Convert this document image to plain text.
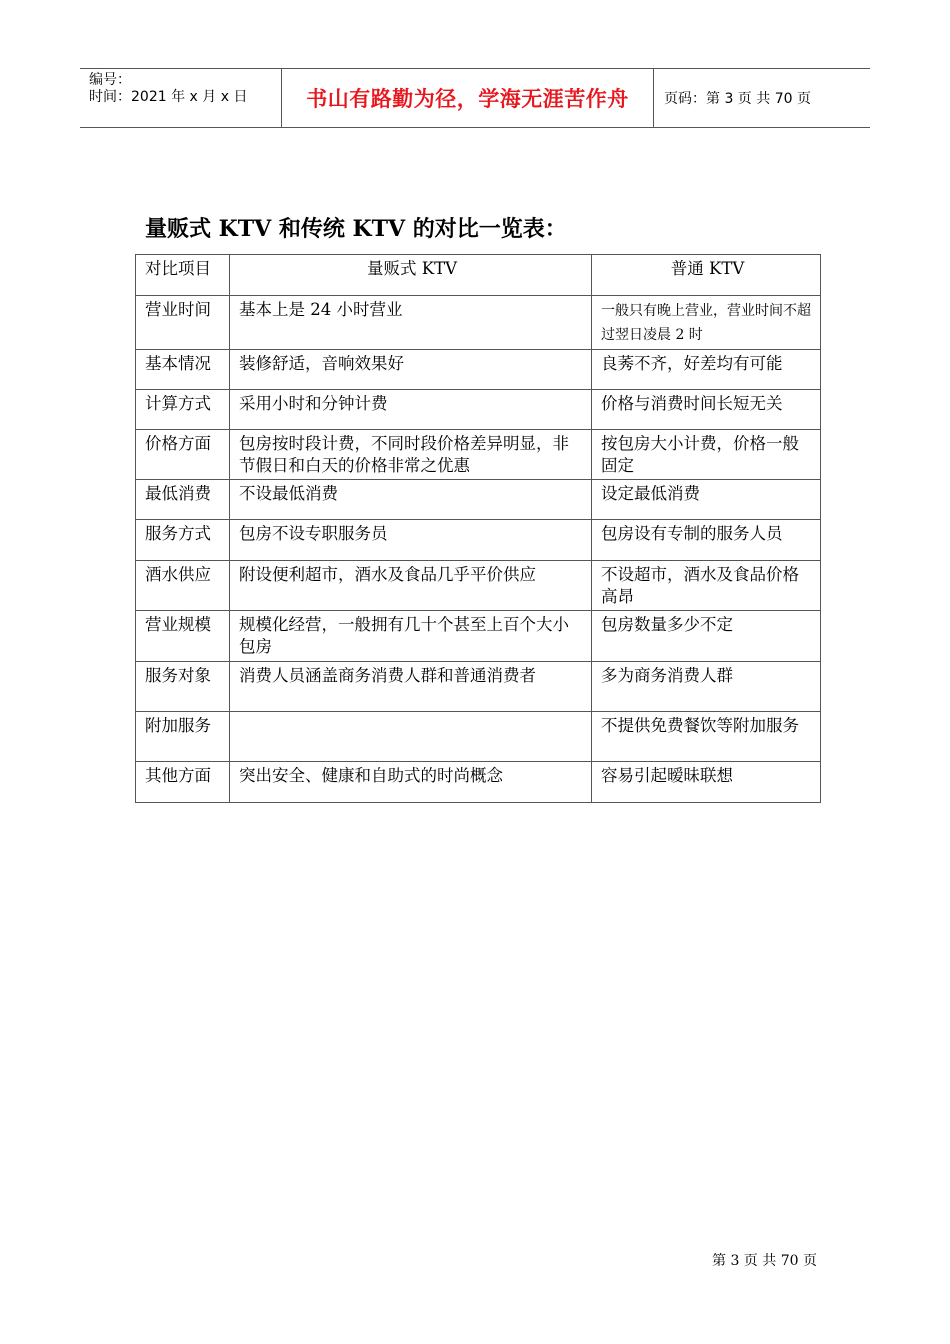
编号：
时间：2021 年 x 月 x 日	书山有路勤为径，学海无涯苦作舟	页码：第 3 页 共 70 页
量贩式 KTV 和传统 KTV 的对比一览表：
对比项目	量贩式 KTV	普通 KTV
营业时间	基本上是 24 小时营业	一般只有晚上营业，营业时间不超过翌日凌晨 2 时
基本情况	装修舒适，音响效果好	良莠不齐，好差均有可能
计算方式	采用小时和分钟计费	价格与消费时间长短无关
价格方面	包房按时段计费，不同时段价格差异明显，非节假日和白天的价格非常之优惠	按包房大小计费，价格一般固定
最低消费	不设最低消费	设定最低消费
服务方式	包房不设专职服务员	包房设有专制的服务人员
酒水供应	附设便利超市，酒水及食品几乎平价供应	不设超市，酒水及食品价格高昂
营业规模	规模化经营，一般拥有几十个甚至上百个大小包房	包房数量多少不定
服务对象	消费人员涵盖商务消费人群和普通消费者	多为商务消费人群
附加服务		不提供免费餐饮等附加服务
其他方面	突出安全、健康和自助式的时尚概念	容易引起暧昧联想
第 3 页 共 70 页
